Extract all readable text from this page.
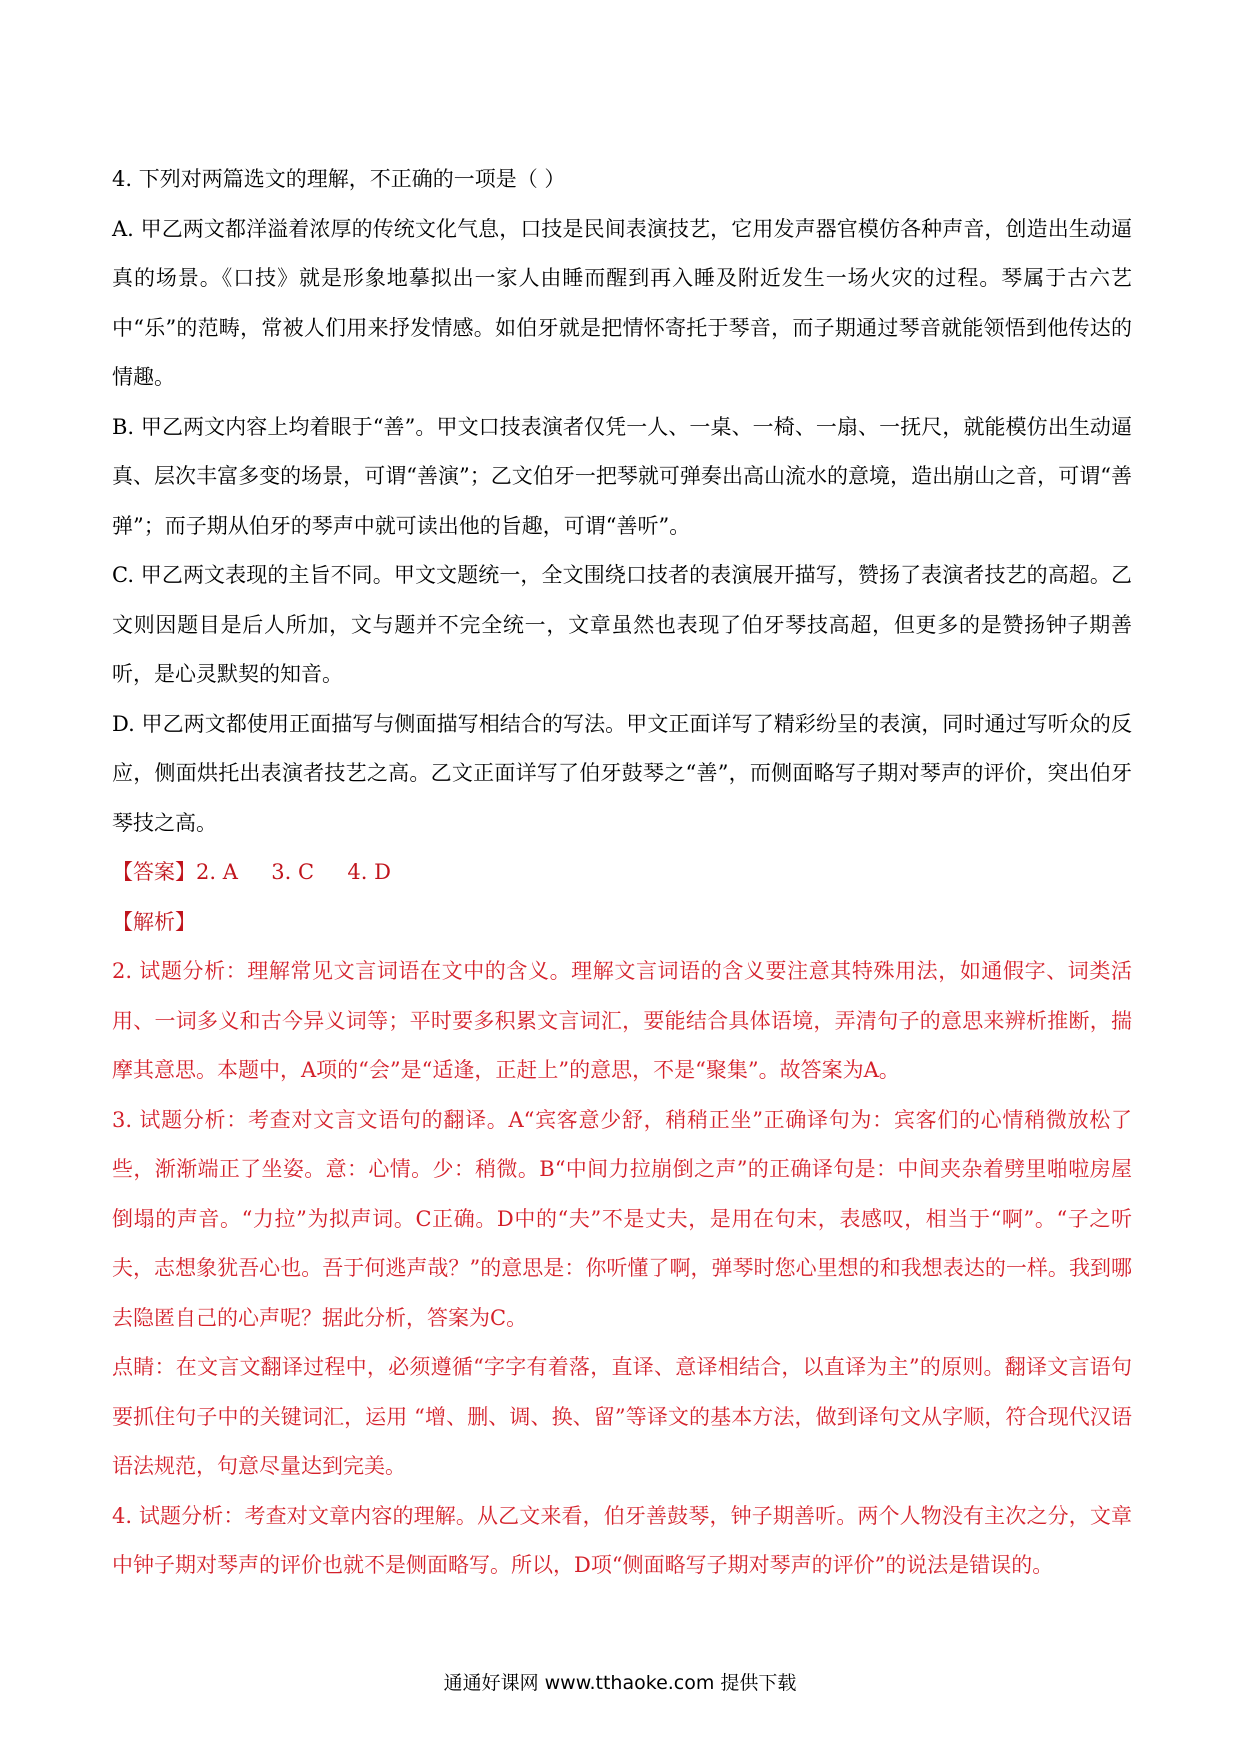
4. 下列对两篇选文的理解，不正确的一项是（ ）

A. 甲乙两文都洋溢着浓厚的传统文化气息，口技是民间表演技艺，它用发声器官模仿各种声音，创造出生动逼真的场景。《口技》就是形象地摹拟出一家人由睡而醒到再入睡及附近发生一场火灾的过程。琴属于古六艺中“乐”的范畴，常被人们用来抒发情感。如伯牙就是把情怀寄托于琴音，而子期通过琴音就能领悟到他传达的情趣。

B. 甲乙两文内容上均着眼于“善”。甲文口技表演者仅凭一人、一桌、一椅、一扇、一抚尺，就能模仿出生动逼真、层次丰富多变的场景，可谓“善演”；乙文伯牙一把琴就可弹奏出高山流水的意境，造出崩山之音，可谓“善弹”；而子期从伯牙的琴声中就可读出他的旨趣，可谓“善听”。

C. 甲乙两文表现的主旨不同。甲文文题统一，全文围绕口技者的表演展开描写，赞扬了表演者技艺的高超。乙文则因题目是后人所加，文与题并不完全统一，文章虽然也表现了伯牙琴技高超，但更多的是赞扬钟子期善听，是心灵默契的知音。

D. 甲乙两文都使用正面描写与侧面描写相结合的写法。甲文正面详写了精彩纷呈的表演，同时通过写听众的反应，侧面烘托出表演者技艺之高。乙文正面详写了伯牙鼓琴之“善”，而侧面略写子期对琴声的评价，突出伯牙琴技之高。

【答案】2. A     3. C     4. D

【解析】

2. 试题分析：理解常见文言词语在文中的含义。理解文言词语的含义要注意其特殊用法，如通假字、词类活用、一词多义和古今异义词等；平时要多积累文言词汇，要能结合具体语境，弄清句子的意思来辨析推断，揣摩其意思。本题中，A项的“会”是“适逢，正赶上”的意思，不是“聚集”。故答案为A。

3. 试题分析：考查对文言文语句的翻译。A“宾客意少舒，稍稍正坐”正确译句为：宾客们的心情稍微放松了些，渐渐端正了坐姿。意：心情。少：稍微。B“中间力拉崩倒之声”的正确译句是：中间夹杂着劈里啪啦房屋倒塌的声音。“力拉”为拟声词。C正确。D中的“夫”不是丈夫，是用在句末，表感叹，相当于“啊”。“子之听夫，志想象犹吾心也。吾于何逃声哉？”的意思是：你听懂了啊，弹琴时您心里想的和我想表达的一样。我到哪去隐匿自己的心声呢？据此分析，答案为C。

点睛：在文言文翻译过程中，必须遵循“字字有着落，直译、意译相结合，以直译为主”的原则。翻译文言语句要抓住句子中的关键词汇，运用 “增、删、调、换、留”等译文的基本方法，做到译句文从字顺，符合现代汉语语法规范，句意尽量达到完美。

4. 试题分析：考查对文章内容的理解。从乙文来看，伯牙善鼓琴，钟子期善听。两个人物没有主次之分，文章中钟子期对琴声的评价也就不是侧面略写。所以，D项“侧面略写子期对琴声的评价”的说法是错误的。

通通好课网 www.tthaoke.com 提供下载
